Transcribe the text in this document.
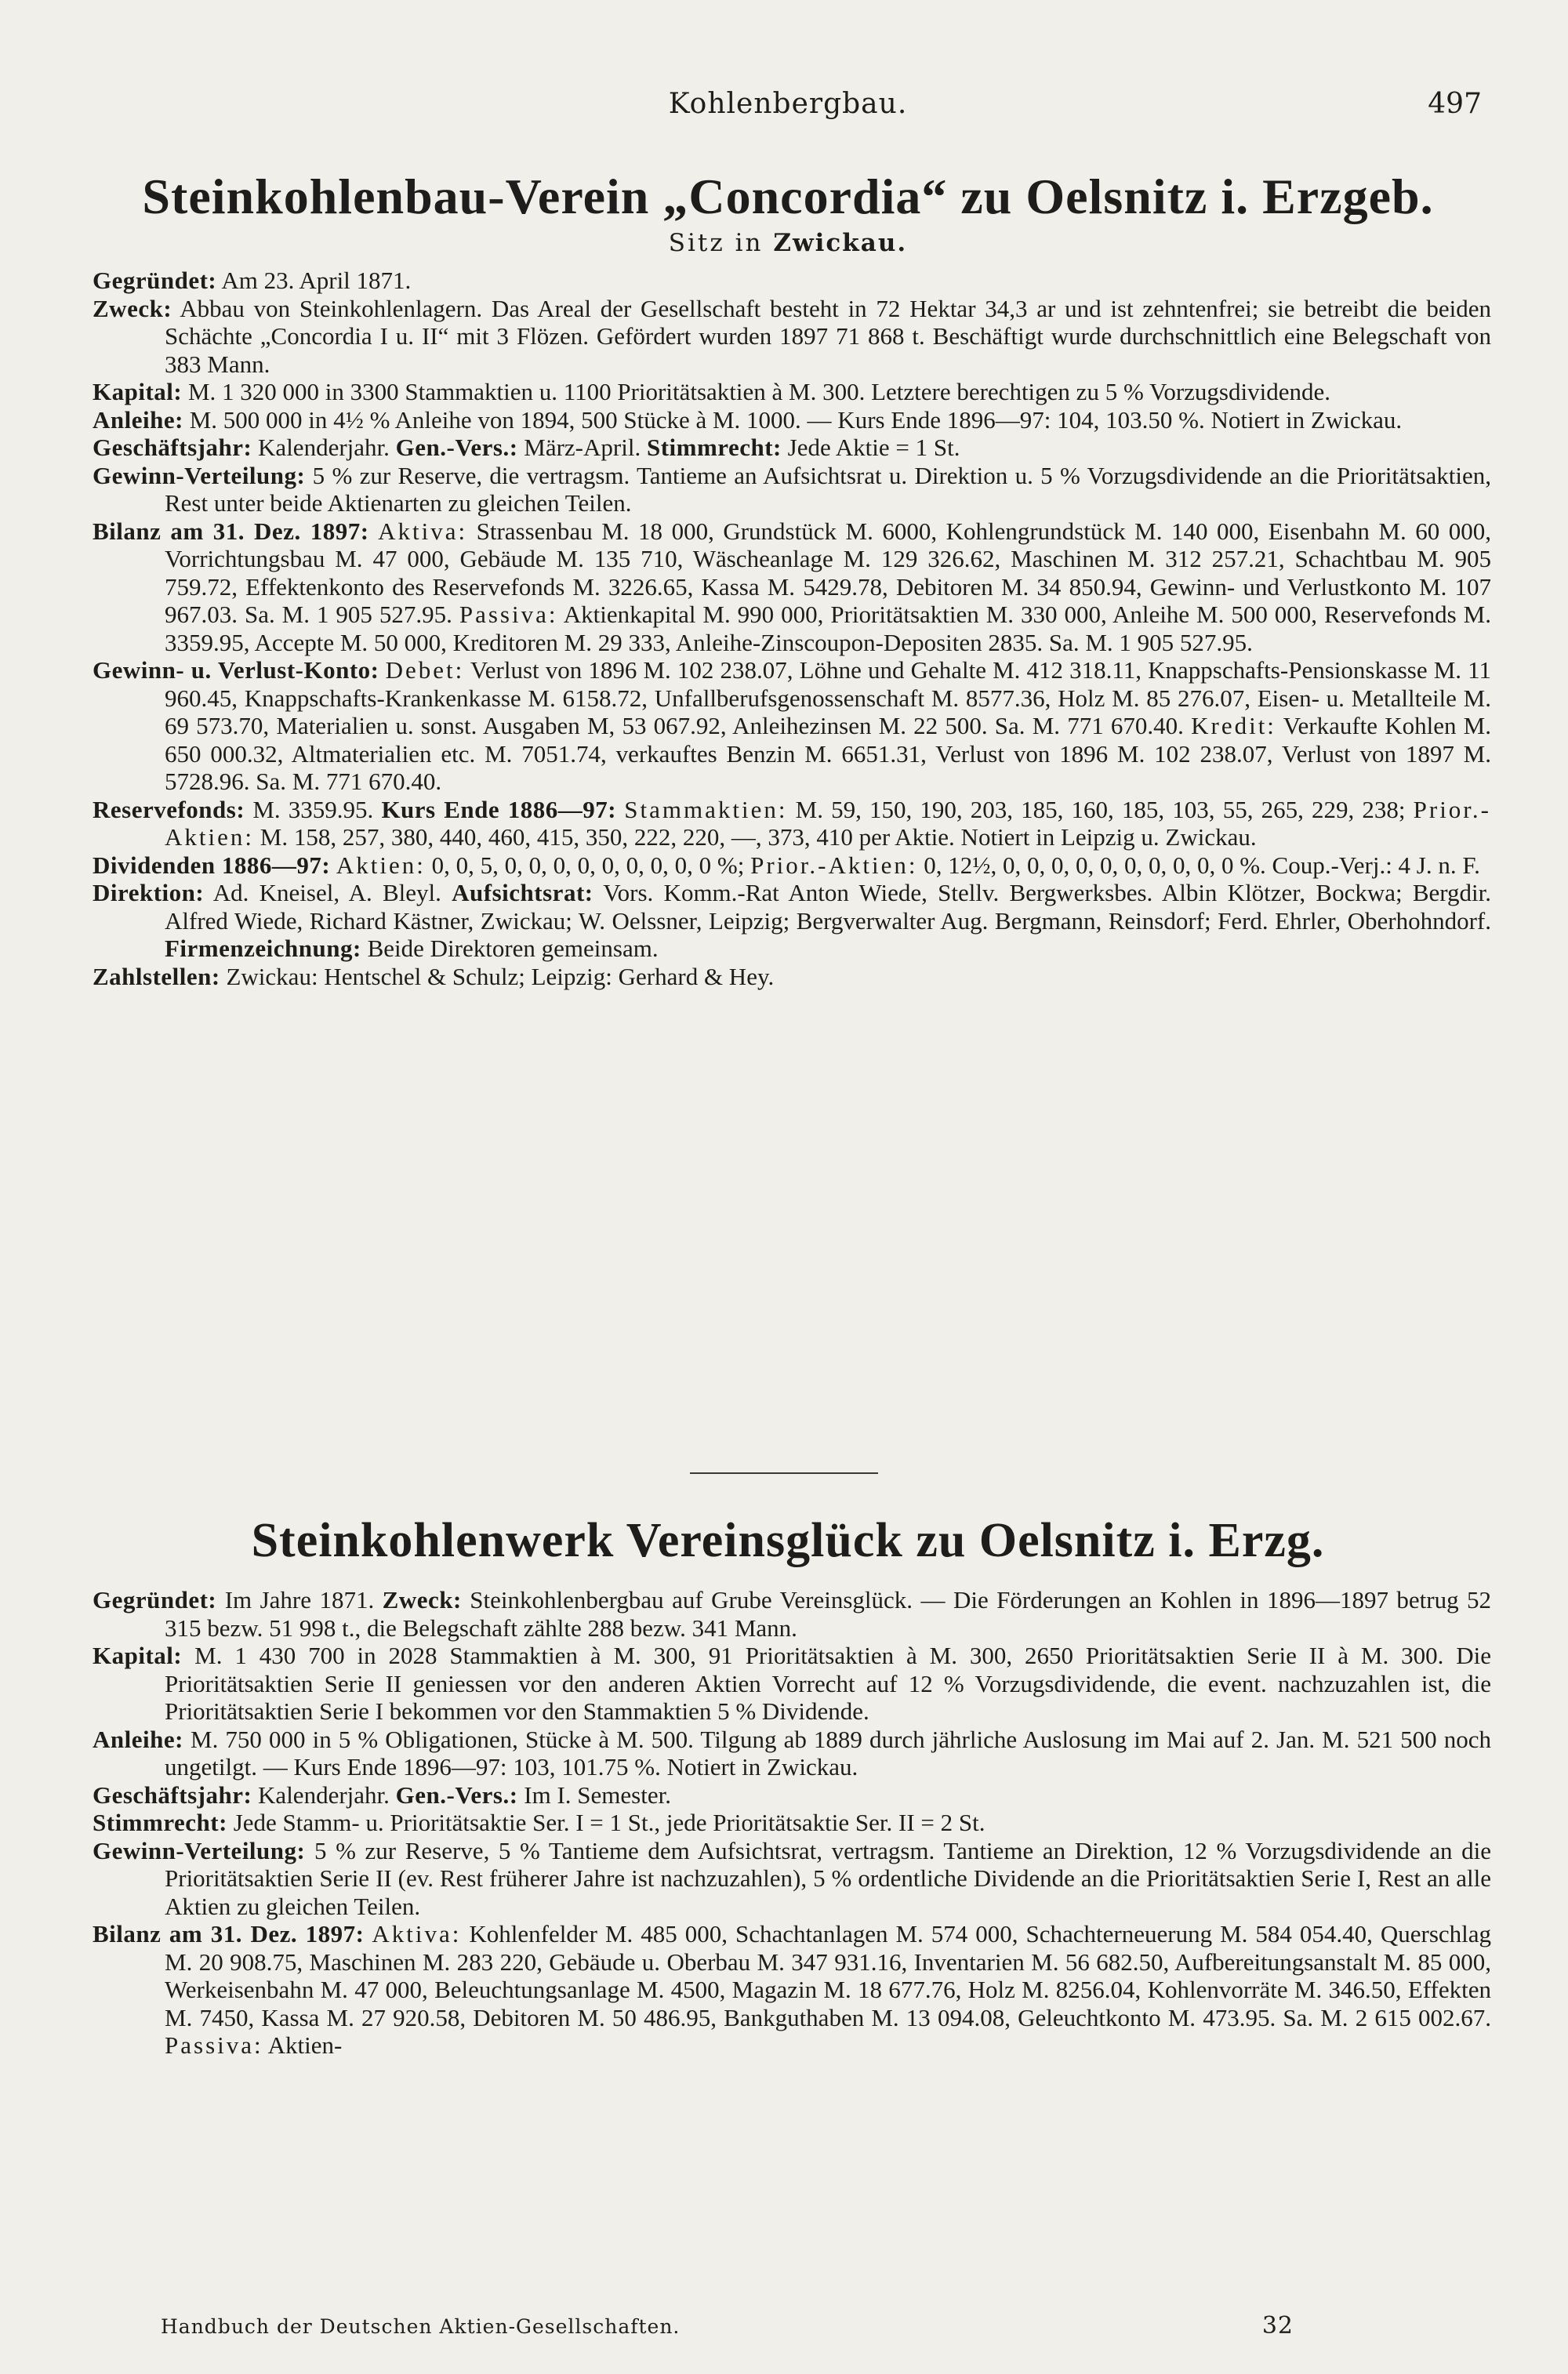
Kohlenbergbau.	497
Steinkohlenbau-Verein „Concordia“ zu Oelsnitz i. Erzgeb.
Sitz in Zwickau.

Gegründet: Am 23. April 1871.

Zweck: Abbau von Steinkohlenlagern. Das Areal der Gesellschaft besteht in 72 Hektar 34,3 ar und ist zehntenfrei; sie betreibt die beiden Schächte „Concordia I u. II“ mit 3 Flözen. Gefördert wurden 1897 71 868 t. Beschäftigt wurde durchschnittlich eine Belegschaft von 383 Mann.

Kapital: M. 1 320 000 in 3300 Stammaktien u. 1100 Prioritätsaktien à M. 300. Letztere berechtigen zu 5 % Vorzugsdividende.

Anleihe: M. 500 000 in 4½ % Anleihe von 1894, 500 Stücke à M. 1000. — Kurs Ende 1896—97: 104, 103.50 %. Notiert in Zwickau.

Geschäftsjahr: Kalenderjahr. Gen.-Vers.: März-April. Stimmrecht: Jede Aktie = 1 St.

Gewinn-Verteilung: 5 % zur Reserve, die vertragsm. Tantieme an Aufsichtsrat u. Direktion u. 5 % Vorzugsdividende an die Prioritätsaktien, Rest unter beide Aktienarten zu gleichen Teilen.

Bilanz am 31. Dez. 1897: Aktiva: Strassenbau M. 18 000, Grundstück M. 6000, Kohlengrundstück M. 140 000, Eisenbahn M. 60 000, Vorrichtungsbau M. 47 000, Gebäude M. 135 710, Wäscheanlage M. 129 326.62, Maschinen M. 312 257.21, Schachtbau M. 905 759.72, Effektenkonto des Reservefonds M. 3226.65, Kassa M. 5429.78, Debitoren M. 34 850.94, Gewinn- und Verlustkonto M. 107 967.03. Sa. M. 1 905 527.95. Passiva: Aktienkapital M. 990 000, Prioritätsaktien M. 330 000, Anleihe M. 500 000, Reservefonds M. 3359.95, Accepte M. 50 000, Kreditoren M. 29 333, Anleihe-Zinscoupon-Depositen 2835. Sa. M. 1 905 527.95.

Gewinn- u. Verlust-Konto: Debet: Verlust von 1896 M. 102 238.07, Löhne und Gehalte M. 412 318.11, Knappschafts-Pensionskasse M. 11 960.45, Knappschafts-Krankenkasse M. 6158.72, Unfallberufsgenossenschaft M. 8577.36, Holz M. 85 276.07, Eisen- u. Metallteile M. 69 573.70, Materialien u. sonst. Ausgaben M, 53 067.92, Anleihezinsen M. 22 500. Sa. M. 771 670.40. Kredit: Verkaufte Kohlen M. 650 000.32, Altmaterialien etc. M. 7051.74, verkauftes Benzin M. 6651.31, Verlust von 1896 M. 102 238.07, Verlust von 1897 M. 5728.96. Sa. M. 771 670.40.

Reservefonds: M. 3359.95. Kurs Ende 1886—97: Stammaktien: M. 59, 150, 190, 203, 185, 160, 185, 103, 55, 265, 229, 238; Prior.-Aktien: M. 158, 257, 380, 440, 460, 415, 350, 222, 220, —, 373, 410 per Aktie. Notiert in Leipzig u. Zwickau.

Dividenden 1886—97: Aktien: 0, 0, 5, 0, 0, 0, 0, 0, 0, 0, 0, 0 %; Prior.-Aktien: 0, 12½, 0, 0, 0, 0, 0, 0, 0, 0, 0, 0 %. Coup.-Verj.: 4 J. n. F.

Direktion: Ad. Kneisel, A. Bleyl. Aufsichtsrat: Vors. Komm.-Rat Anton Wiede, Stellv. Bergwerksbes. Albin Klötzer, Bockwa; Bergdir. Alfred Wiede, Richard Kästner, Zwickau; W. Oelssner, Leipzig; Bergverwalter Aug. Bergmann, Reinsdorf; Ferd. Ehrler, Oberhohndorf. Firmenzeichnung: Beide Direktoren gemeinsam.

Zahlstellen: Zwickau: Hentschel & Schulz; Leipzig: Gerhard & Hey.

Steinkohlenwerk Vereinsglück zu Oelsnitz i. Erzg.

Gegründet: Im Jahre 1871. Zweck: Steinkohlenbergbau auf Grube Vereinsglück. — Die Förderungen an Kohlen in 1896—1897 betrug 52 315 bezw. 51 998 t., die Belegschaft zählte 288 bezw. 341 Mann.

Kapital: M. 1 430 700 in 2028 Stammaktien à M. 300, 91 Prioritätsaktien à M. 300, 2650 Prioritätsaktien Serie II à M. 300. Die Prioritätsaktien Serie II geniessen vor den anderen Aktien Vorrecht auf 12 % Vorzugsdividende, die event. nachzuzahlen ist, die Prioritätsaktien Serie I bekommen vor den Stammaktien 5 % Dividende.

Anleihe: M. 750 000 in 5 % Obligationen, Stücke à M. 500. Tilgung ab 1889 durch jährliche Auslosung im Mai auf 2. Jan. M. 521 500 noch ungetilgt. — Kurs Ende 1896—97: 103, 101.75 %. Notiert in Zwickau.

Geschäftsjahr: Kalenderjahr. Gen.-Vers.: Im I. Semester.

Stimmrecht: Jede Stamm- u. Prioritätsaktie Ser. I = 1 St., jede Prioritätsaktie Ser. II = 2 St.

Gewinn-Verteilung: 5 % zur Reserve, 5 % Tantieme dem Aufsichtsrat, vertragsm. Tantieme an Direktion, 12 % Vorzugsdividende an die Prioritätsaktien Serie II (ev. Rest früherer Jahre ist nachzuzahlen), 5 % ordentliche Dividende an die Prioritätsaktien Serie I, Rest an alle Aktien zu gleichen Teilen.

Bilanz am 31. Dez. 1897: Aktiva: Kohlenfelder M. 485 000, Schachtanlagen M. 574 000, Schachterneuerung M. 584 054.40, Querschlag M. 20 908.75, Maschinen M. 283 220, Gebäude u. Oberbau M. 347 931.16, Inventarien M. 56 682.50, Aufbereitungsanstalt M. 85 000, Werkeisenbahn M. 47 000, Beleuchtungsanlage M. 4500, Magazin M. 18 677.76, Holz M. 8256.04, Kohlenvorräte M. 346.50, Effekten M. 7450, Kassa M. 27 920.58, Debitoren M. 50 486.95, Bankguthaben M. 13 094.08, Geleuchtkonto M. 473.95. Sa. M. 2 615 002.67. Passiva: Aktien-

Handbuch der Deutschen Aktien-Gesellschaften.	32
